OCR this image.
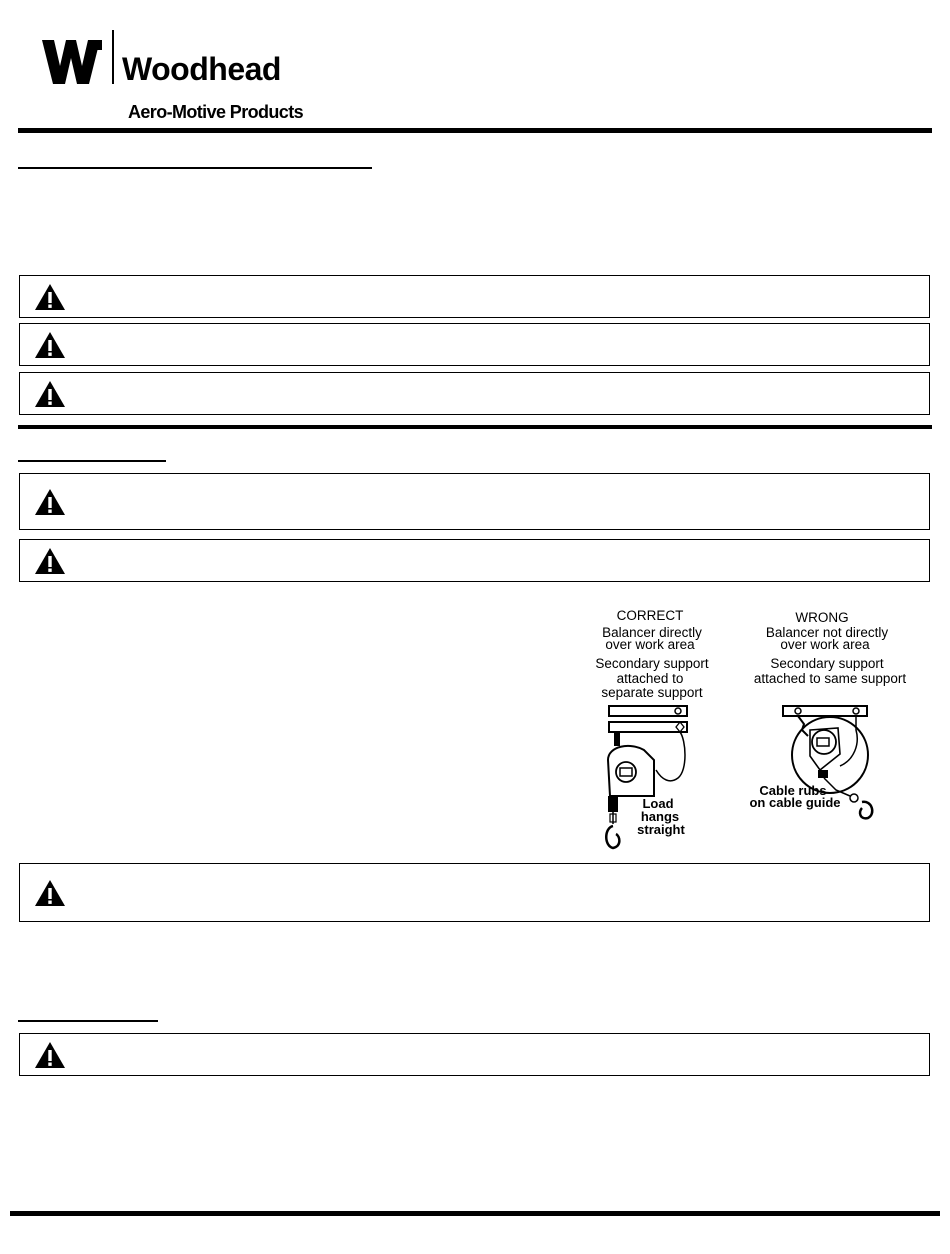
Woodhead
Aero-Motive Products
CORRECT
Balancer directly
over work area
Secondary support
attached to
separate support
WRONG
Balancer not directly
over work area
Secondary support
attached to same support
Load
hangs
straight
Cable rubs
on cable guide
